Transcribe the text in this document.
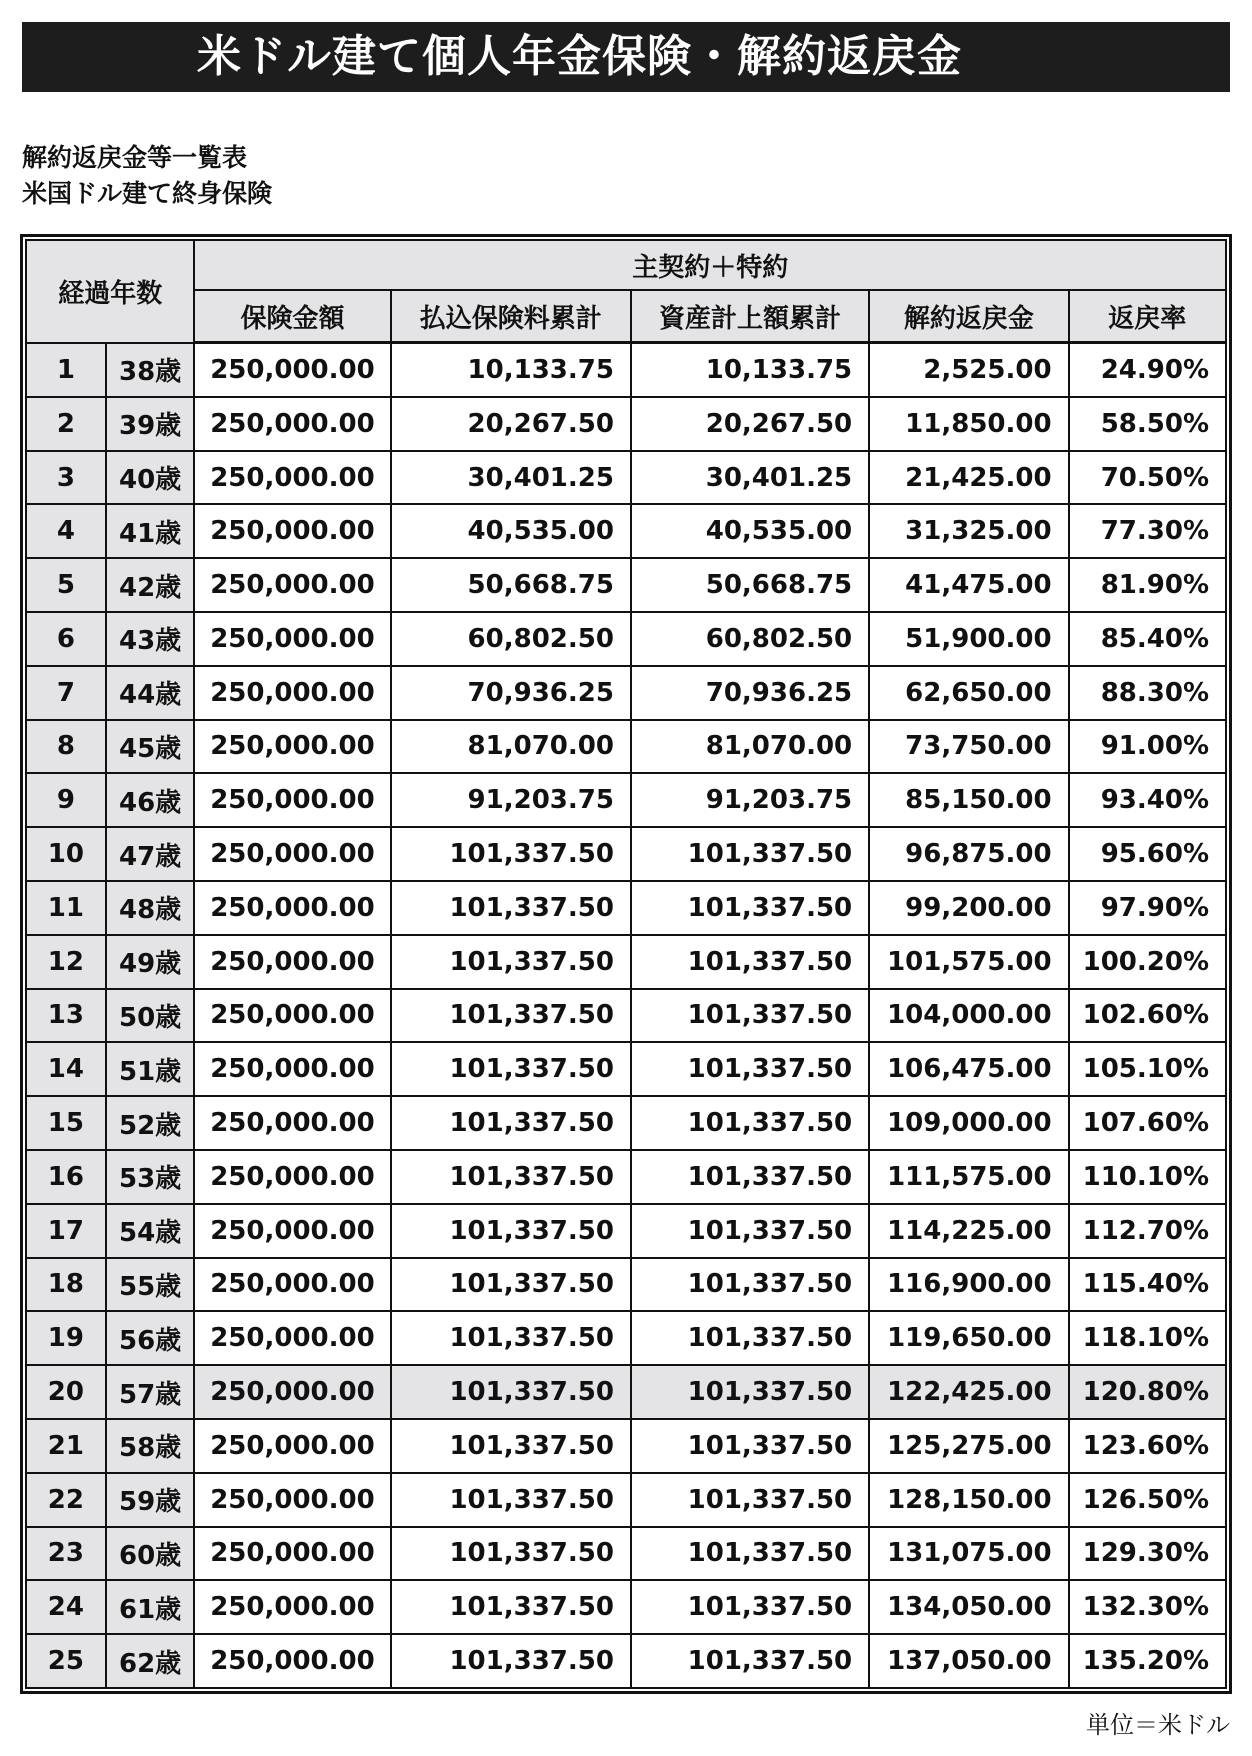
米ドル建て個人年金保険・解約返戻金
解約返戻金等一覧表
米国ドル建て終身保険
経過年数		主契約＋特約				
		保険金額	払込保険料累計	資産計上額累計	解約返戻金	返戻率
1	38歳	250,000.00	10,133.75	10,133.75	2,525.00	24.90%
2	39歳	250,000.00	20,267.50	20,267.50	11,850.00	58.50%
3	40歳	250,000.00	30,401.25	30,401.25	21,425.00	70.50%
4	41歳	250,000.00	40,535.00	40,535.00	31,325.00	77.30%
5	42歳	250,000.00	50,668.75	50,668.75	41,475.00	81.90%
6	43歳	250,000.00	60,802.50	60,802.50	51,900.00	85.40%
7	44歳	250,000.00	70,936.25	70,936.25	62,650.00	88.30%
8	45歳	250,000.00	81,070.00	81,070.00	73,750.00	91.00%
9	46歳	250,000.00	91,203.75	91,203.75	85,150.00	93.40%
10	47歳	250,000.00	101,337.50	101,337.50	96,875.00	95.60%
11	48歳	250,000.00	101,337.50	101,337.50	99,200.00	97.90%
12	49歳	250,000.00	101,337.50	101,337.50	101,575.00	100.20%
13	50歳	250,000.00	101,337.50	101,337.50	104,000.00	102.60%
14	51歳	250,000.00	101,337.50	101,337.50	106,475.00	105.10%
15	52歳	250,000.00	101,337.50	101,337.50	109,000.00	107.60%
16	53歳	250,000.00	101,337.50	101,337.50	111,575.00	110.10%
17	54歳	250,000.00	101,337.50	101,337.50	114,225.00	112.70%
18	55歳	250,000.00	101,337.50	101,337.50	116,900.00	115.40%
19	56歳	250,000.00	101,337.50	101,337.50	119,650.00	118.10%
20	57歳	250,000.00	101,337.50	101,337.50	122,425.00	120.80%
21	58歳	250,000.00	101,337.50	101,337.50	125,275.00	123.60%
22	59歳	250,000.00	101,337.50	101,337.50	128,150.00	126.50%
23	60歳	250,000.00	101,337.50	101,337.50	131,075.00	129.30%
24	61歳	250,000.00	101,337.50	101,337.50	134,050.00	132.30%
25	62歳	250,000.00	101,337.50	101,337.50	137,050.00	135.20%
単位＝米ドル
